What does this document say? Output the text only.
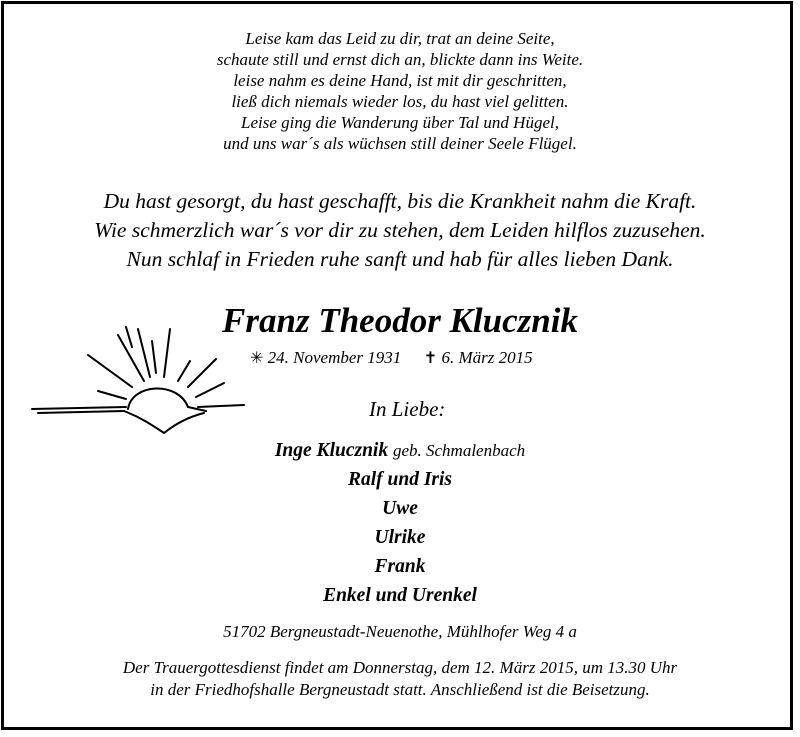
Leise kam das Leid zu dir, trat an deine Seite,
schaute still und ernst dich an, blickte dann ins Weite.
leise nahm es deine Hand, ist mit dir geschritten,
ließ dich niemals wieder los, du hast viel gelitten.
Leise ging die Wanderung über Tal und Hügel,
und uns war´s als wüchsen still deiner Seele Flügel.
Du hast gesorgt, du hast geschafft, bis die Krankheit nahm die Kraft.
Wie schmerzlich war´s vor dir zu stehen, dem Leiden hilflos zuzusehen.
Nun schlaf in Frieden ruhe sanft und hab für alles lieben Dank.
Franz Theodor Klucznik
✳ 24. November 1931 ✝ 6. März 2015
In Liebe:
Inge Klucznik geb. Schmalenbach
Ralf und Iris
Uwe
Ulrike
Frank
Enkel und Urenkel
51702 Bergneustadt-Neuenothe, Mühlhofer Weg 4 a
Der Trauergottesdienst findet am Donnerstag, dem 12. März 2015, um 13.30 Uhr
in der Friedhofshalle Bergneustadt statt. Anschließend ist die Beisetzung.
